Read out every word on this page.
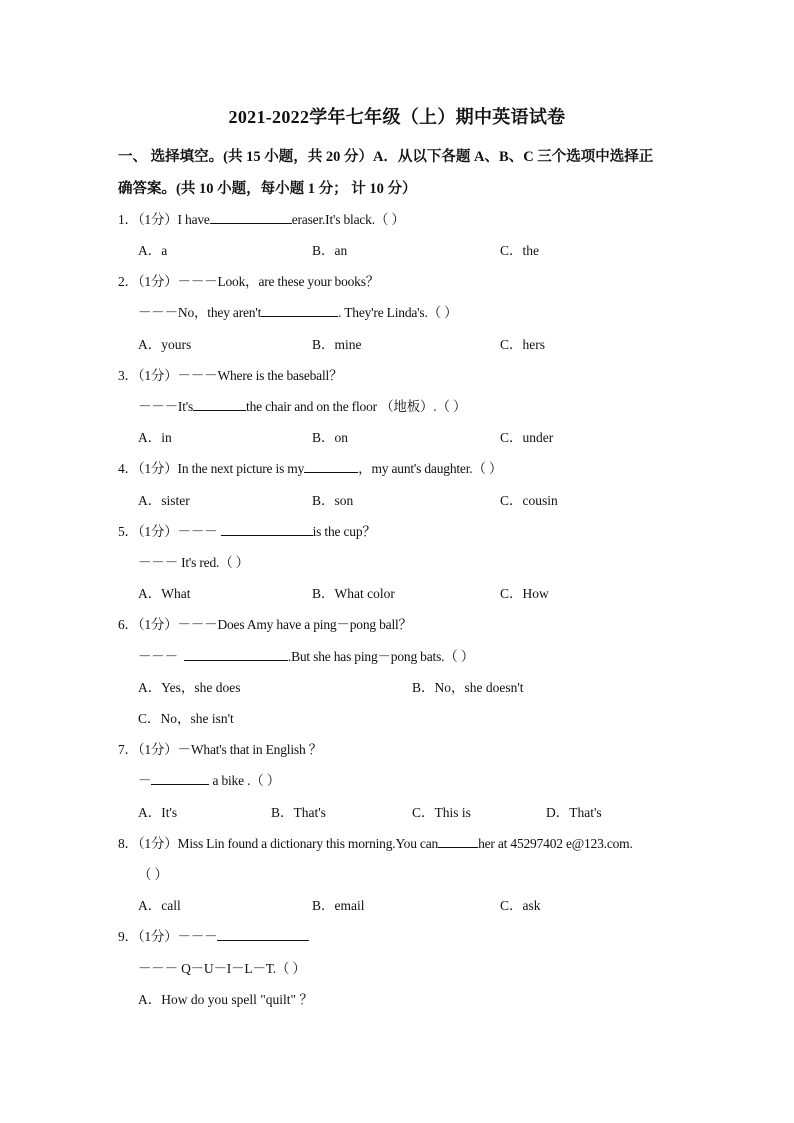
2021-2022学年七年级（上）期中英语试卷
一、 选择填空。(共 15 小题，共 20 分）A．从以下各题 A、B、C 三个选项中选择正
确答案。(共 10 小题，每小题 1 分； 计 10 分）
1．（1分）I have	eraser.It's black.（ ）
A．a	B．an	C．the
2．（1分）－－－Look，are these your books？
－－－No，they aren't	. They're Linda's.（ ）
A．yours	B．mine	C．hers
3．（1分）－－－Where is the baseball？
－－－It's	the chair and on the floor （地板）.（ ）
A．in	B．on	C．under
4．（1分）In the next picture is my	，my aunt's daughter.（ ）
A．sister	B．son	C．cousin
5．（1分）－－－	is the cup？
－－－ It's red.（ ）
A．What	B．What color	C．How
6．（1分）－－－Does Amy have a ping－pong ball？
－－－	.But she has ping－pong bats.（ ）
A．Yes，she does	B．No，she doesn't
C．No，she isn't
7．（1分）－What's that in English ？
－	a bike .（ ）
A．It's	B．That's	C．This is	D．That's
8．（1分）Miss Lin found a dictionary this morning.You can	her at 45297402 e@123.com.
（ ）
A．call	B．email	C．ask
9．（1分）－－－
－－－ Q－U－I－L－T.（ ）
A．How do you spell "quilt" ？
